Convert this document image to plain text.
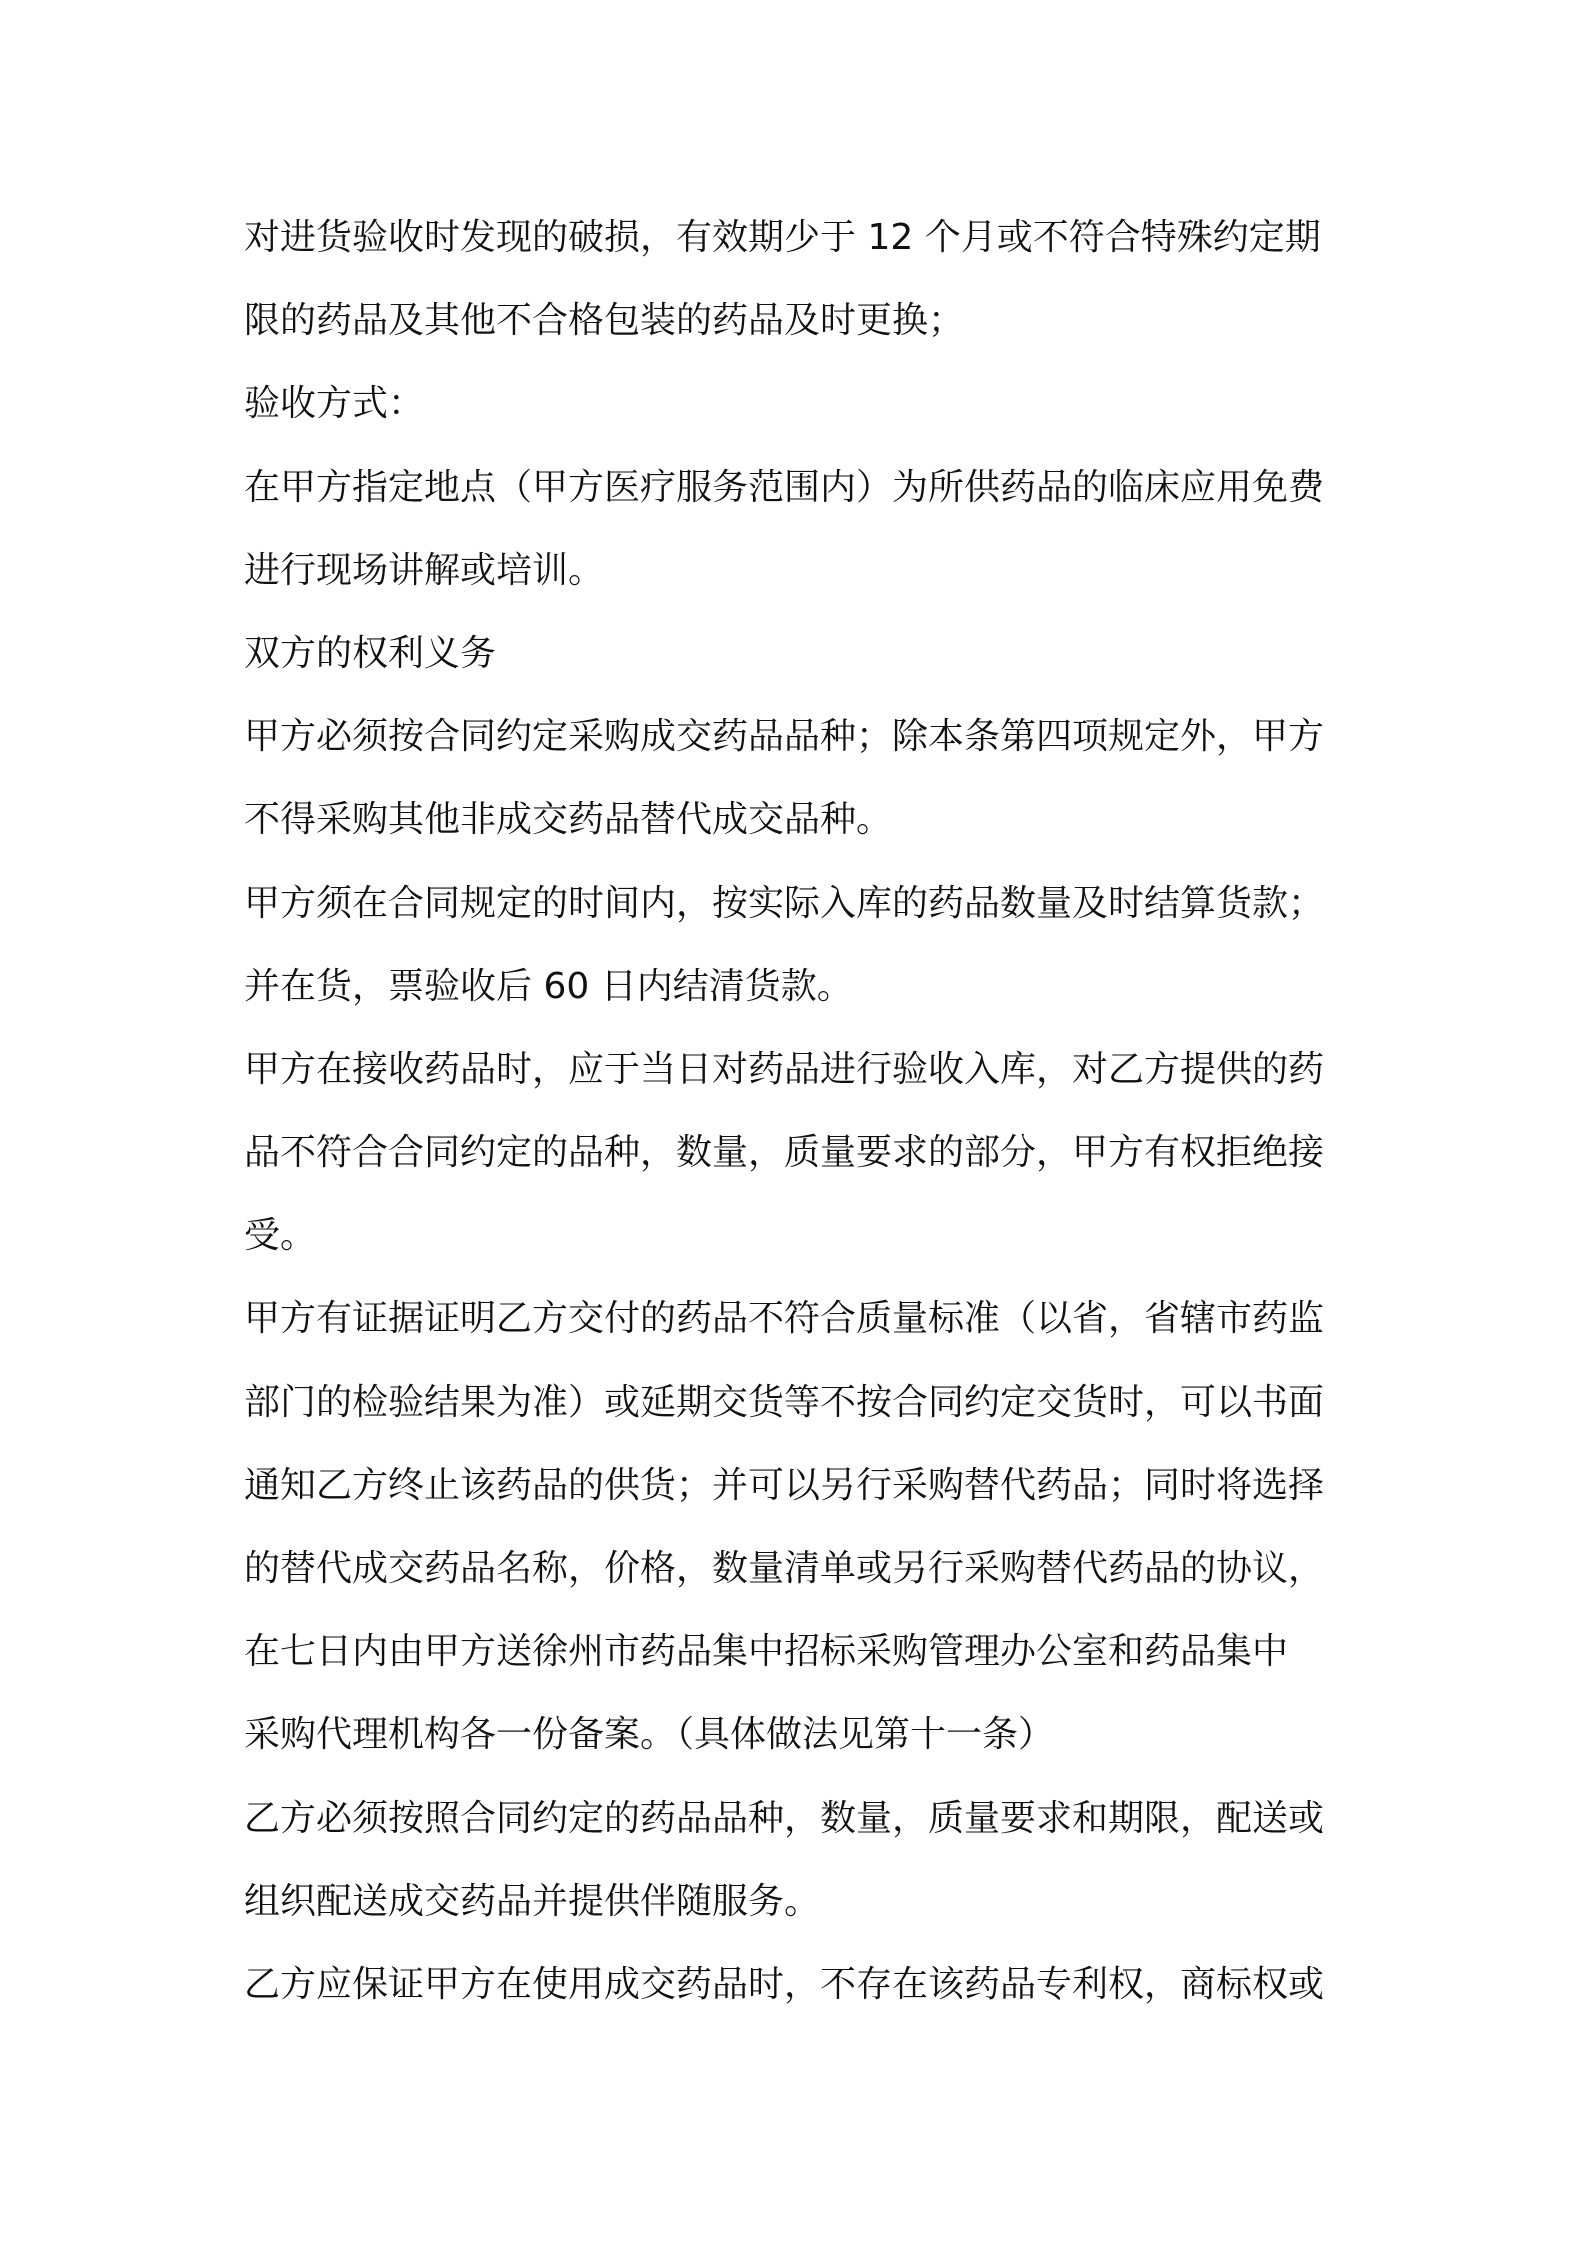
对进货验收时发现的破损，有效期少于 12 个月或不符合特殊约定期
限的药品及其他不合格包装的药品及时更换；
验收方式：
在甲方指定地点（甲方医疗服务范围内）为所供药品的临床应用免费
进行现场讲解或培训。
双方的权利义务
甲方必须按合同约定采购成交药品品种；除本条第四项规定外，甲方
不得采购其他非成交药品替代成交品种。
甲方须在合同规定的时间内，按实际入库的药品数量及时结算货款；
并在货，票验收后 60 日内结清货款。
甲方在接收药品时，应于当日对药品进行验收入库，对乙方提供的药
品不符合合同约定的品种，数量，质量要求的部分，甲方有权拒绝接
受。
甲方有证据证明乙方交付的药品不符合质量标准（以省，省辖市药监
部门的检验结果为准）或延期交货等不按合同约定交货时，可以书面
通知乙方终止该药品的供货；并可以另行采购替代药品；同时将选择
的替代成交药品名称，价格，数量清单或另行采购替代药品的协议，
在七日内由甲方送徐州市药品集中招标采购管理办公室和药品集中
采购代理机构各一份备案。（具体做法见第十一条）
乙方必须按照合同约定的药品品种，数量，质量要求和期限，配送或
组织配送成交药品并提供伴随服务。
乙方应保证甲方在使用成交药品时，不存在该药品专利权，商标权或
